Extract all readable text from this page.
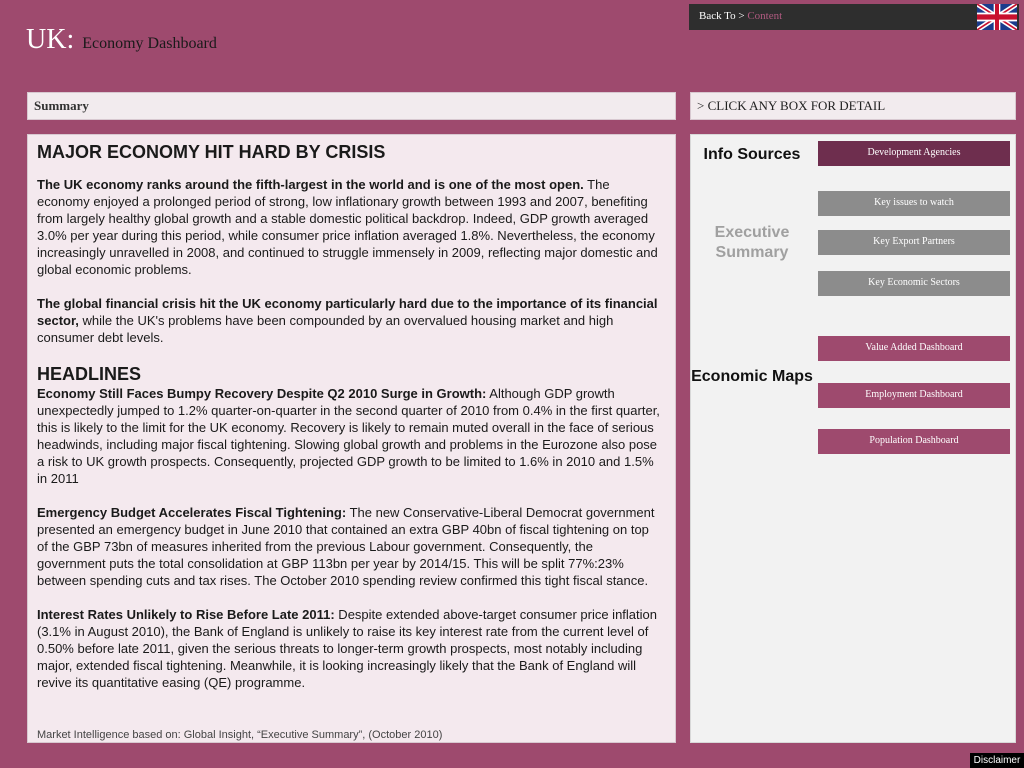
Back To > Content
UK: Economy Dashboard
Summary	> CLICK ANY BOX FOR DETAIL
MAJOR ECONOMY HIT HARD BY CRISIS

The UK economy ranks around the fifth-largest in the world and is one of the most open. The economy enjoyed a prolonged period of strong, low inflationary growth between 1993 and 2007, benefiting from largely healthy global growth and a stable domestic political backdrop. Indeed, GDP growth averaged 3.0% per year during this period, while consumer price inflation averaged 1.8%. Nevertheless, the economy increasingly unravelled in 2008, and continued to struggle immensely in 2009, reflecting major domestic and global economic problems.

The global financial crisis hit the UK economy particularly hard due to the importance of its financial sector, while the UK's problems have been compounded by an overvalued housing market and high consumer debt levels.

HEADLINES

Economy Still Faces Bumpy Recovery Despite Q2 2010 Surge in Growth: Although GDP growth unexpectedly jumped to 1.2% quarter-on-quarter in the second quarter of 2010 from 0.4% in the first quarter, this is likely to the limit for the UK economy. Recovery is likely to remain muted overall in the face of serious headwinds, including major fiscal tightening. Slowing global growth and problems in the Eurozone also pose a risk to UK growth prospects. Consequently, projected GDP growth to be limited to 1.6% in 2010 and 1.5% in 2011

Emergency Budget Accelerates Fiscal Tightening: The new Conservative-Liberal Democrat government presented an emergency budget in June 2010 that contained an extra GBP 40bn of fiscal tightening on top of the GBP 73bn of measures inherited from the previous Labour government. Consequently, the government puts the total consolidation at GBP 113bn per year by 2014/15. This will be split 77%:23% between spending cuts and tax rises. The October 2010 spending review confirmed this tight fiscal stance.

Interest Rates Unlikely to Rise Before Late 2011: Despite extended above-target consumer price inflation (3.1% in August 2010), the Bank of England is unlikely to raise its key interest rate from the current level of 0.50% before late 2011, given the serious threats to longer-term growth prospects, most notably including major, extended fiscal tightening. Meanwhile, it is looking increasingly likely that the Bank of England will revive its quantitative easing (QE) programme.

Market Intelligence based on: Global Insight, “Executive Summary”, (October 2010)
Info Sources
Executive Summary
Economic Maps
Development Agencies
Key issues to watch
Key Export Partners
Key Economic Sectors
Value Added Dashboard
Employment Dashboard
Population Dashboard
Disclaimer
